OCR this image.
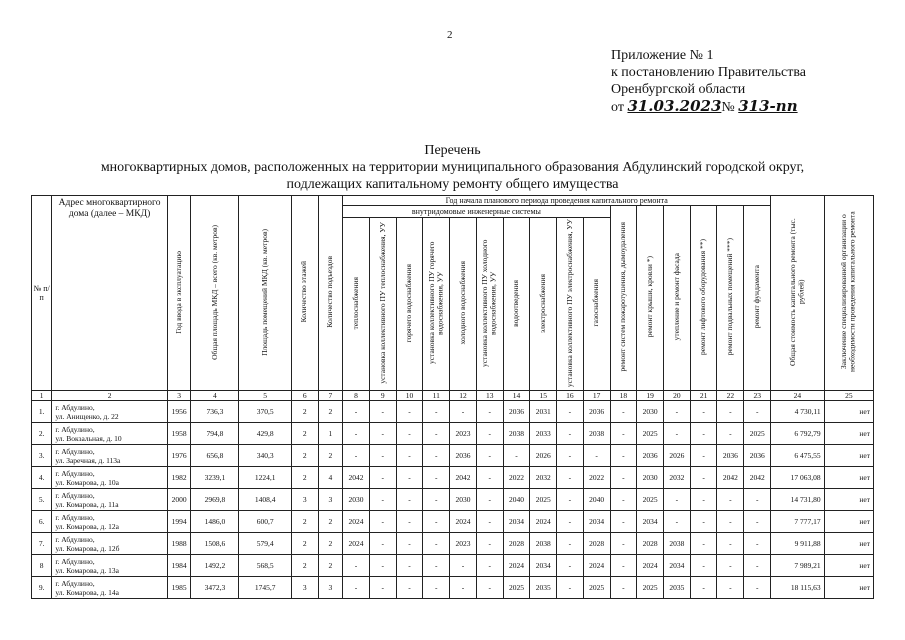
2
Приложение № 1
к постановлению Правительства
Оренбургской области
от 31.03.2023№ 313-пп
Перечень
многоквартирных домов, расположенных на территории муниципального образования Абдулинский городской округ,
подлежащих капитальному ремонту общего имущества
№ п/п	Адрес многоквартирного дома (далее – МКД)	Год ввода в эксплуатацию	Общая площадь МКД – всего (кв. метров)	Площадь помещений МКД (кв. метров)	Количество этажей	Количество подъездов	Год начала планового периода проведения капитального ремонта																Общая стоимость капитального ремонта (тыс. рублей)	Заключение специализированной организации о необходимости проведения капитального ремонта
							внутридомовые инженерные системы										ремонт систем пожаротушения, дымоудаления	ремонт крыши, кровли *)	утепление и ремонт фасада	ремонт лифтового оборудования **)	ремонт подвальных помещений ***)	ремонт фундамента		
							теплоснабжения	установка коллективного ПУ теплоснабжения, УУ	горячего водоснабжения	установка коллективного ПУ горячего водоснабжения, УУ	холодного водоснабжения	установка коллективного ПУ холодного водоснабжения, УУ	водоотведения	электроснабжения	установка коллективного ПУ электроснабжения, УУ	газоснабжения								
1	2	3	4	5	6	7	8	9	10	11	12	13	14	15	16	17	18	19	20	21	22	23	24	25
1.	г. Абдулино,
ул. Анищенко, д. 22	1956	736,3	370,5	2	2	-	-	-	-	-	-	2036	2031	-	2036	-	2030	-	-	-	-	4 730,11	нет
2.	г. Абдулино,
ул. Вокзальная, д. 10	1958	794,8	429,8	2	1	-	-	-	-	2023	-	2038	2033	-	2038	-	2025	-	-	-	2025	6 792,79	нет
3.	г. Абдулино,
ул. Заречная, д. 113а	1976	656,8	340,3	2	2	-	-	-	-	2036	-	-	2026	-	-	-	2036	2026	-	2036	2036	6 475,55	нет
4.	г. Абдулино,
ул. Комарова, д. 10а	1982	3239,1	1224,1	2	4	2042	-	-	-	2042	-	2022	2032	-	2022	-	2030	2032	-	2042	2042	17 063,08	нет
5.	г. Абдулино,
ул. Комарова, д. 11а	2000	2969,8	1408,4	3	3	2030	-	-	-	2030	-	2040	2025	-	2040	-	2025	-	-	-	-	14 731,80	нет
6.	г. Абдулино,
ул. Комарова, д. 12а	1994	1486,0	600,7	2	2	2024	-	-	-	2024	-	2034	2024	-	2034	-	2034	-	-	-	-	7 777,17	нет
7.	г. Абдулино,
ул. Комарова, д. 12б	1988	1508,6	579,4	2	2	2024	-	-	-	2023	-	2028	2038	-	2028	-	2028	2038	-	-	-	9 911,88	нет
8	г. Абдулино,
ул. Комарова, д. 13а	1984	1492,2	568,5	2	2	-	-	-	-	-	-	2024	2034	-	2024	-	2024	2034	-	-	-	7 989,21	нет
9.	г. Абдулино,
ул. Комарова, д. 14а	1985	3472,3	1745,7	3	3	-	-	-	-	-	-	2025	2035	-	2025	-	2025	2035	-	-	-	18 115,63	нет
